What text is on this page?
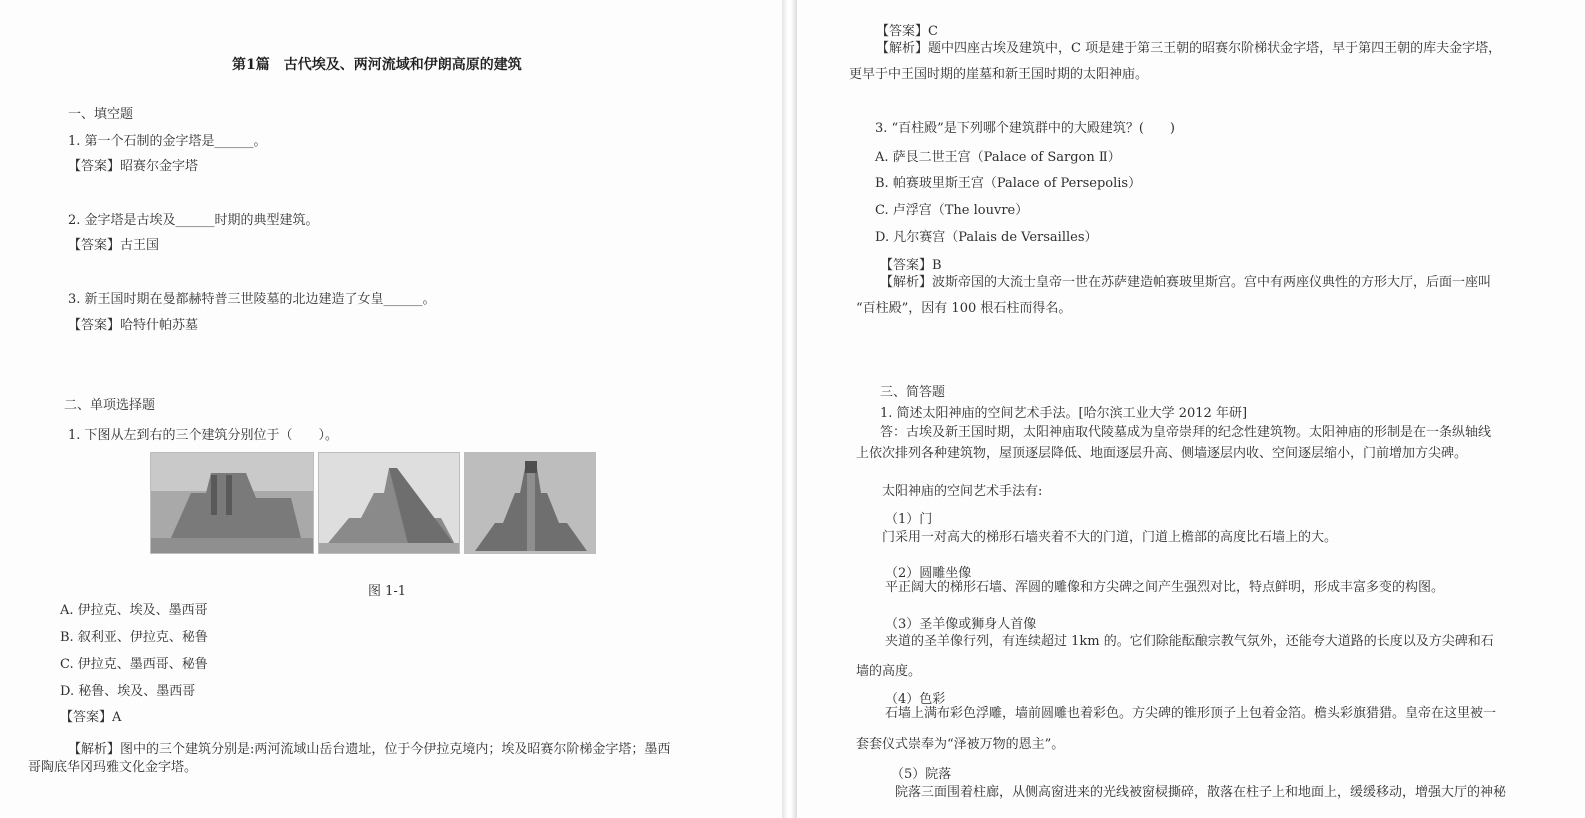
第1篇　古代埃及、两河流域和伊朗高原的建筑
一、填空题
1. 第一个石制的金字塔是______。
【答案】昭赛尔金字塔
2. 金字塔是古埃及______时期的典型建筑。
【答案】古王国
3. 新王国时期在曼都赫特普三世陵墓的北边建造了女皇______。
【答案】哈特什帕苏墓
二、单项选择题
1. 下图从左到右的三个建筑分别位于（　　）。
图 1-1
A. 伊拉克、埃及、墨西哥
B. 叙利亚、伊拉克、秘鲁
C. 伊拉克、墨西哥、秘鲁
D. 秘鲁、埃及、墨西哥
【答案】A
【解析】图中的三个建筑分别是:两河流域山岳台遗址，位于今伊拉克境内；埃及昭赛尔阶梯金字塔；墨西
哥陶底华冈玛雅文化金字塔。
【答案】C
【解析】题中四座古埃及建筑中，C 项是建于第三王朝的昭赛尔阶梯状金字塔，早于第四王朝的库夫金字塔，
更早于中王国时期的崖墓和新王国时期的太阳神庙。
3. “百柱殿”是下列哪个建筑群中的大殿建筑？(　　)
A. 萨艮二世王宫（Palace of Sargon Ⅱ）
B. 帕赛玻里斯王宫（Palace of Persepolis）
C. 卢浮宫（The louvre）
D. 凡尔赛宫（Palais de Versailles）
【答案】B
【解析】波斯帝国的大流士皇帝一世在苏萨建造帕赛玻里斯宫。宫中有两座仪典性的方形大厅，后面一座叫
“百柱殿”，因有 100 根石柱而得名。
三、简答题
1. 简述太阳神庙的空间艺术手法。[哈尔滨工业大学 2012 年研]
答：古埃及新王国时期，太阳神庙取代陵墓成为皇帝崇拜的纪念性建筑物。太阳神庙的形制是在一条纵轴线
上依次排列各种建筑物，屋顶逐层降低、地面逐层升高、侧墙逐层内收、空间逐层缩小，门前增加方尖碑。
太阳神庙的空间艺术手法有:
（1）门
门采用一对高大的梯形石墙夹着不大的门道，门道上檐部的高度比石墙上的大。
（2）圆雕坐像
平正阔大的梯形石墙、浑圆的雕像和方尖碑之间产生强烈对比，特点鲜明，形成丰富多变的构图。
（3）圣羊像或狮身人首像
夹道的圣羊像行列，有连续超过 1km 的。它们除能酝酿宗教气氛外，还能夸大道路的长度以及方尖碑和石
墙的高度。
（4）色彩
石墙上满布彩色浮雕，墙前圆雕也着彩色。方尖碑的锥形顶子上包着金箔。檐头彩旗猎猎。皇帝在这里被一
套套仪式崇奉为“泽被万物的恩主”。
（5）院落
院落三面围着柱廊，从侧高窗进来的光线被窗棂撕碎，散落在柱子上和地面上，缓缓移动，增强大厅的神秘
